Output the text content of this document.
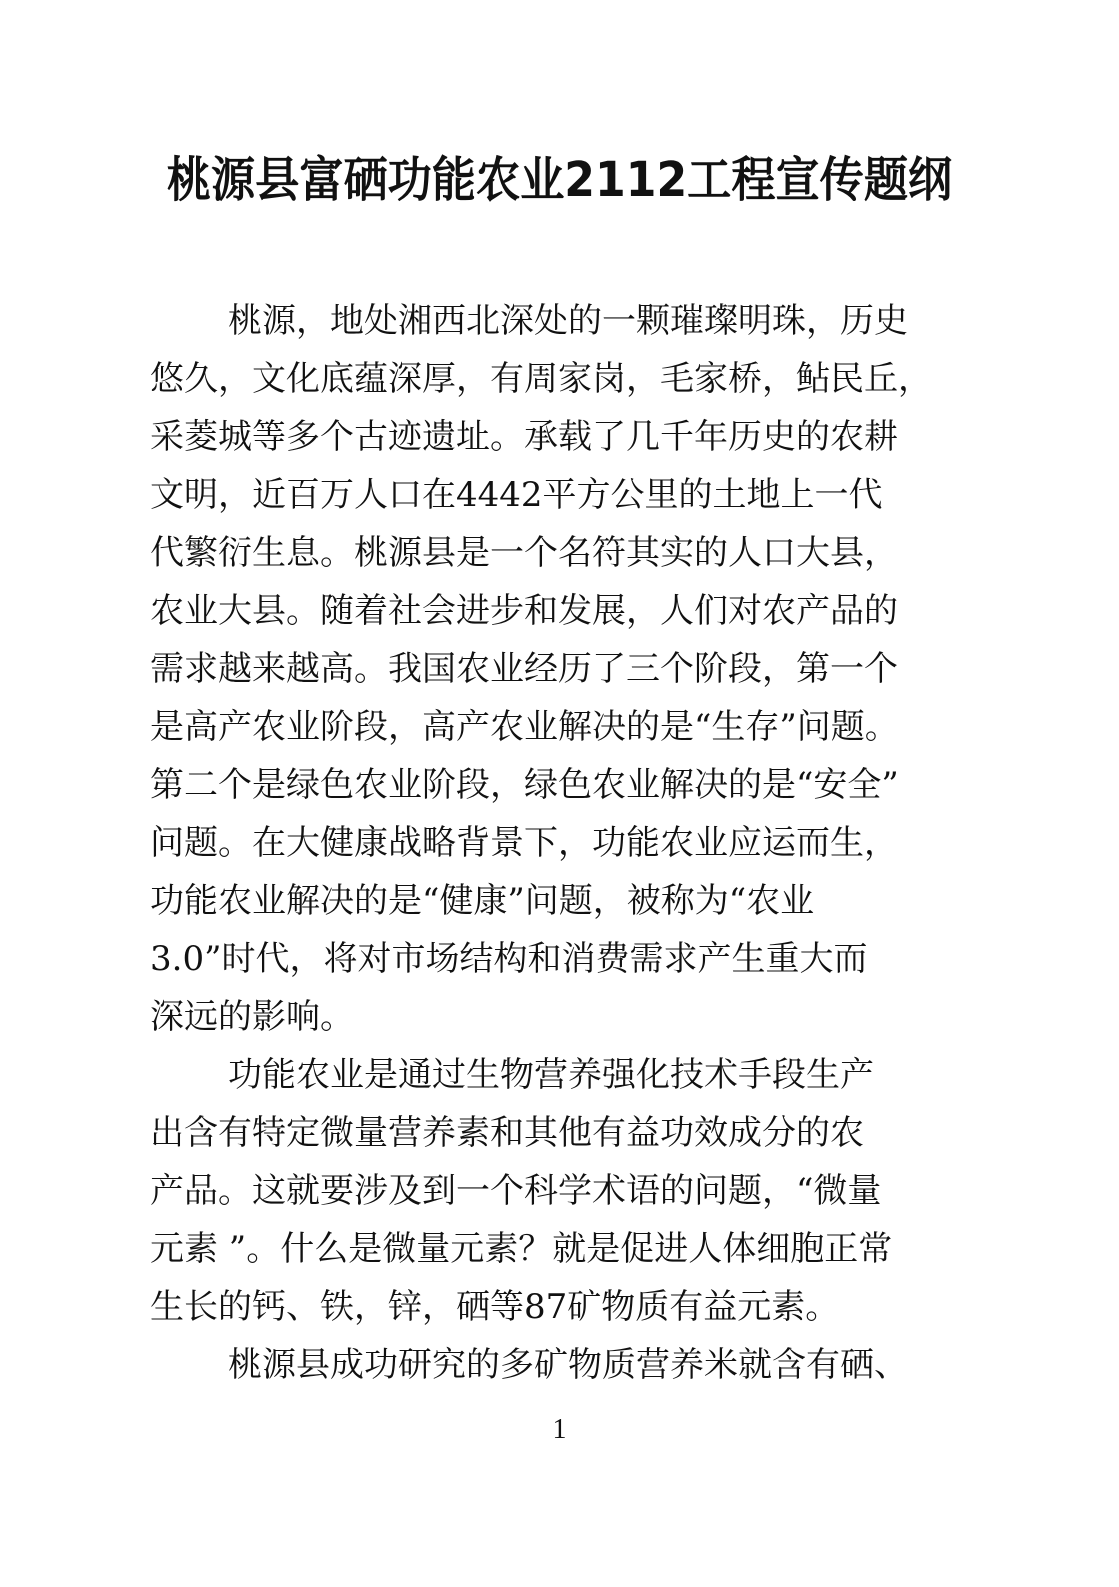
桃源县富硒功能农业2112工程宣传题纲

桃源，地处湘西北深处的一颗璀璨明珠，历史
悠久，文化底蕴深厚，有周家岗，毛家桥，鲇民丘，
采菱城等多个古迹遗址。承载了几千年历史的农耕
文明，近百万人口在4442平方公里的土地上一代
代繁衍生息。桃源县是一个名符其实的人口大县，
农业大县。随着社会进步和发展，人们对农产品的
需求越来越高。我国农业经历了三个阶段，第一个
是高产农业阶段，高产农业解决的是“生存”问题。
第二个是绿色农业阶段，绿色农业解决的是“安全”
问题。在大健康战略背景下，功能农业应运而生，
功能农业解决的是“健康”问题，被称为“农业
3.0”时代，将对市场结构和消费需求产生重大而
深远的影响。

功能农业是通过生物营养强化技术手段生产
出含有特定微量营养素和其他有益功效成分的农
产品。这就要涉及到一个科学术语的问题，“微量
元素 ”。什么是微量元素？就是促进人体细胞正常
生长的钙、铁，锌，硒等87矿物质有益元素。

桃源县成功研究的多矿物质营养米就含有硒、

1
